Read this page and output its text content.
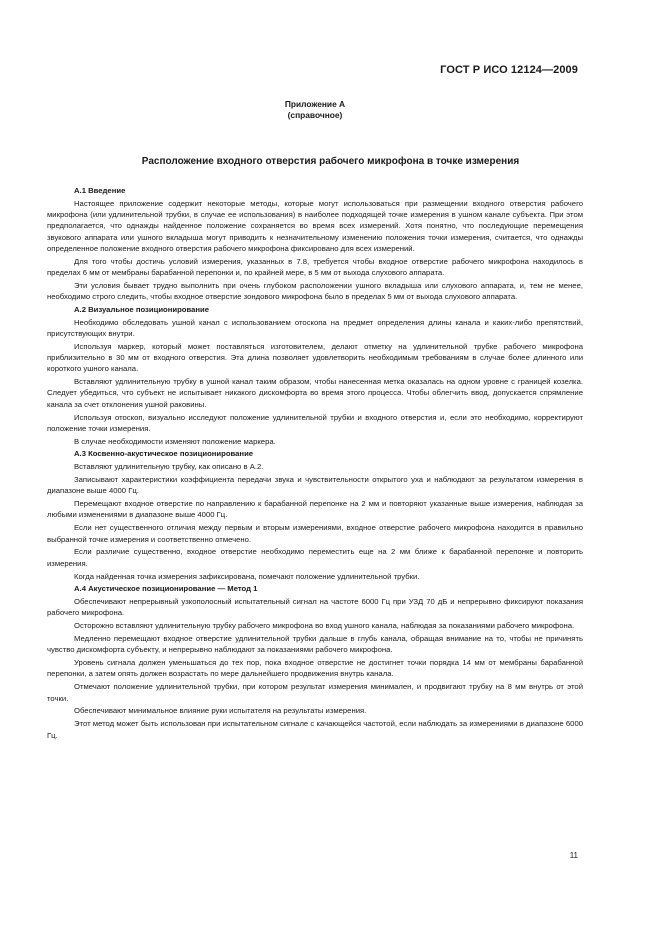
ГОСТ Р ИСО 12124—2009
Приложение А
(справочное)
Расположение входного отверстия рабочего микрофона в точке измерения
А.1 Введение

Настоящее приложение содержит некоторые методы, которые могут использоваться при размещении входного отверстия рабочего микрофона (или удлинительной трубки, в случае ее использования) в наиболее подходящей точке измерения в ушном канале субъекта. При этом предполагается, что однажды найденное положение сохраняется во время всех измерений. Хотя понятно, что последующие перемещения звукового аппарата или ушного вкладыша могут приводить к незначительному изменению положения точки измерения, считается, что однажды определенное положение входного отверстия рабочего микрофона фиксировано для всех измерений.

Для того чтобы достичь условий измерения, указанных в 7.8, требуется чтобы входное отверстие рабочего микрофона находилось в пределах 6 мм от мембраны барабанной перепонки и, по крайней мере, в 5 мм от выхода слухового аппарата.

Эти условия бывает трудно выполнить при очень глубоком расположении ушного вкладыша или слухового аппарата, и, тем не менее, необходимо строго следить, чтобы входное отверстие зондового микрофона было в пределах 5 мм от выхода слухового аппарата.

А.2 Визуальное позиционирование

Необходимо обследовать ушной канал с использованием отоскопа на предмет определения длины канала и каких-либо препятствий, присутствующих внутри.

Используя маркер, который может поставляться изготовителем, делают отметку на удлинительной трубке рабочего микрофона приблизительно в 30 мм от входного отверстия. Эта длина позволяет удовлетворить необходимым требованиям в случае более длинного или короткого ушного канала.

Вставляют удлинительную трубку в ушной канал таким образом, чтобы нанесенная метка оказалась на одном уровне с границей козелка. Следует убедиться, что субъект не испытывает никакого дискомфорта во время этого процесса. Чтобы облегчить ввод, допускается спрямление канала за счет отклонения ушной раковины.

Используя отоскоп, визуально исследуют положение удлинительной трубки и входного отверстия и, если это необходимо, корректируют положение точки измерения.

В случае необходимости изменяют положение маркера.

А.3 Косвенно-акустическое позиционирование

Вставляют удлинительную трубку, как описано в А.2.

Записывают характеристики коэффициента передачи звука и чувствительности открытого уха и наблюдают за результатом измерения в диапазоне выше 4000 Гц.

Перемещают входное отверстие по направлению к барабанной перепонке на 2 мм и повторяют указанные выше измерения, наблюдая за любыми изменениями в диапазоне выше 4000 Гц.

Если нет существенного отличия между первым и вторым измерениями, входное отверстие рабочего микрофона находится в правильно выбранной точке измерения и соответственно отмечено.

Если различие существенно, входное отверстие необходимо переместить еще на 2 мм ближе к барабанной перепонке и повторить измерения.

Когда найденная точка измерения зафиксирована, помечают положение удлинительной трубки.

А.4 Акустическое позиционирование — Метод 1

Обеспечивают непрерывный узкополосный испытательный сигнал на частоте 6000 Гц при УЗД 70 дБ и непрерывно фиксируют показания рабочего микрофона.

Осторожно вставляют удлинительную трубку рабочего микрофона во вход ушного канала, наблюдая за показаниями рабочего микрофона.

Медленно перемещают входное отверстие удлинительной трубки дальше в глубь канала, обращая внимание на то, чтобы не причинять чувство дискомфорта субъекту, и непрерывно наблюдают за показаниями рабочего микрофона.

Уровень сигнала должен уменьшаться до тех пор, пока входное отверстие не достигнет точки порядка 14 мм от мембраны барабанной перепонки, а затем опять должен возрастать по мере дальнейшего продвижения внутрь канала.

Отмечают положение удлинительной трубки, при котором результат измерения минимален, и продвигают трубку на 8 мм внутрь от этой точки.

Обеспечивают минимальное влияние руки испытателя на результаты измерения.

Этот метод может быть использован при испытательном сигнале с качающейся частотой, если наблюдать за измерениями в диапазоне 6000 Гц.

11
